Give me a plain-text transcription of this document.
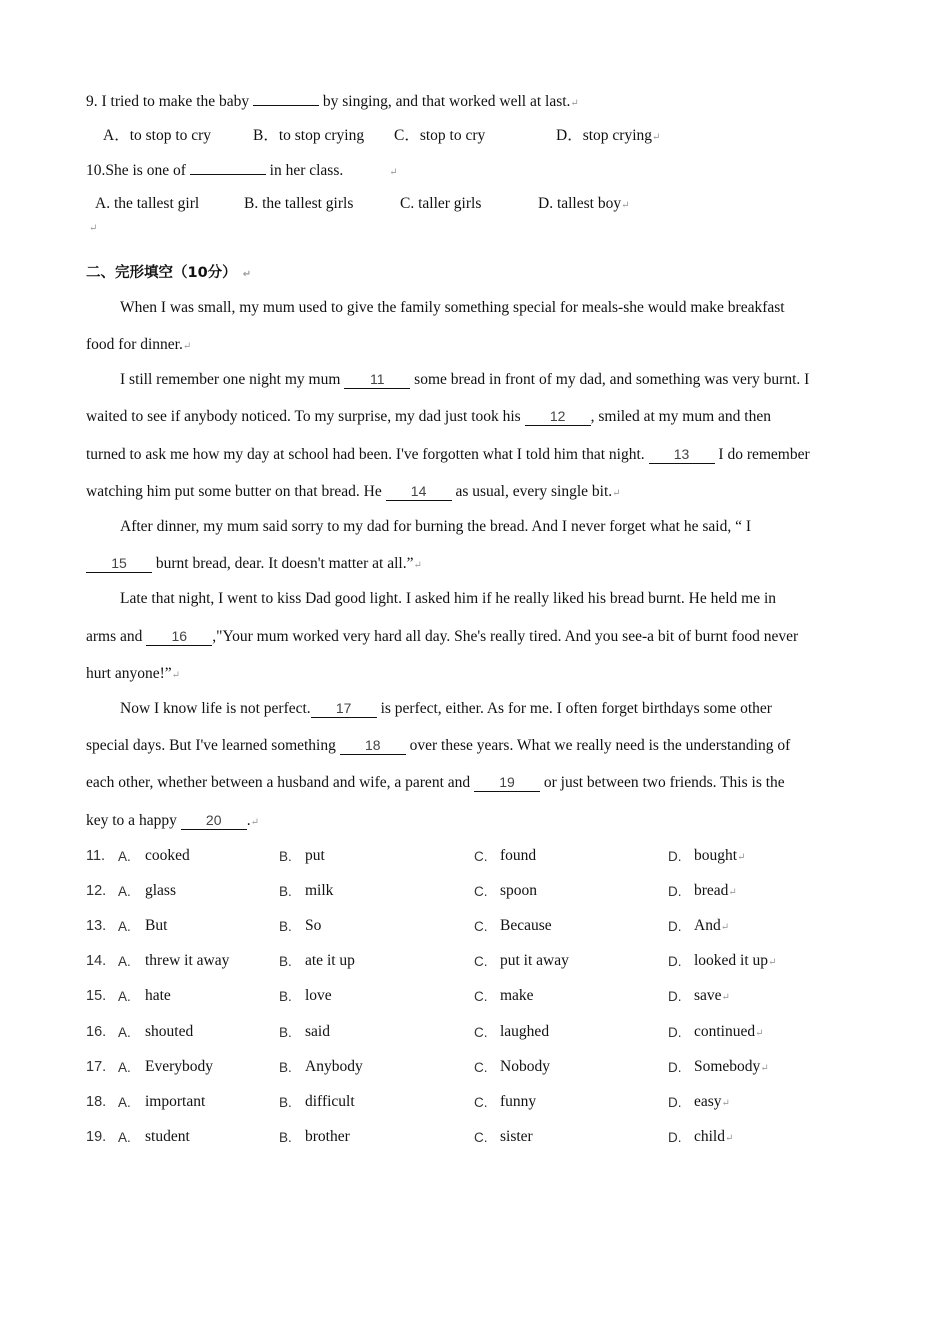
9. I tried to make the baby	by singing, and that worked well at last.↵
A．to stop to cry	B．to stop crying C．stop to cry	D．stop crying↵
10.She is one of	in her class.	↵
A. the tallest girl	B. the tallest girls	C. taller girls	D. tallest boy↵
↵
二、完形填空（10分） ↵
When I was small, my mum used to give the family something special for meals-she would make breakfast
food for dinner.↵
I still remember one night my mum 11 some bread in front of my dad, and something was very burnt. I
waited to see if anybody noticed. To my surprise, my dad just took his 12 , smiled at my mum and then
turned to ask me how my day at school had been. I've forgotten what I told him that night. 13 I do remember
watching him put some butter on that bread. He 14 as usual, every single bit.↵
After dinner, my mum said sorry to my dad for burning the bread. And I never forget what he said, “ I
15 burnt bread, dear. It doesn't matter at all.”↵
Late that night, I went to kiss Dad good light. I asked him if he really liked his bread burnt. He held me in
arms and 16 ,"Your mum worked very hard all day. She's really tired. And you see-a bit of burnt food never
hurt anyone!”↵
Now I know life is not perfect. 17 is perfect, either. As for me. I often forget birthdays some other
special days. But I've learned something 18 over these years. What we really need is the understanding of
each other, whether between a husband and wife, a parent and 19 or just between two friends. This is the
key to a happy 20 .↵
11. A. cooked	B. put	C. found	D. bought↵
12. A. glass	B. milk	C. spoon	D. bread↵
13. A. But	B. So	C. Because	D. And↵
14. A. threw it away	B. ate it up	C. put it away	D. looked it up↵
15. A. hate	B. love	C. make	D. save↵
16. A. shouted	B. said	C. laughed	D. continued↵
17. A. Everybody	B. Anybody	C. Nobody	D. Somebody↵
18. A. important	B. difficult	C. funny	D. easy↵
19. A. student	B. brother	C. sister	D. child↵
